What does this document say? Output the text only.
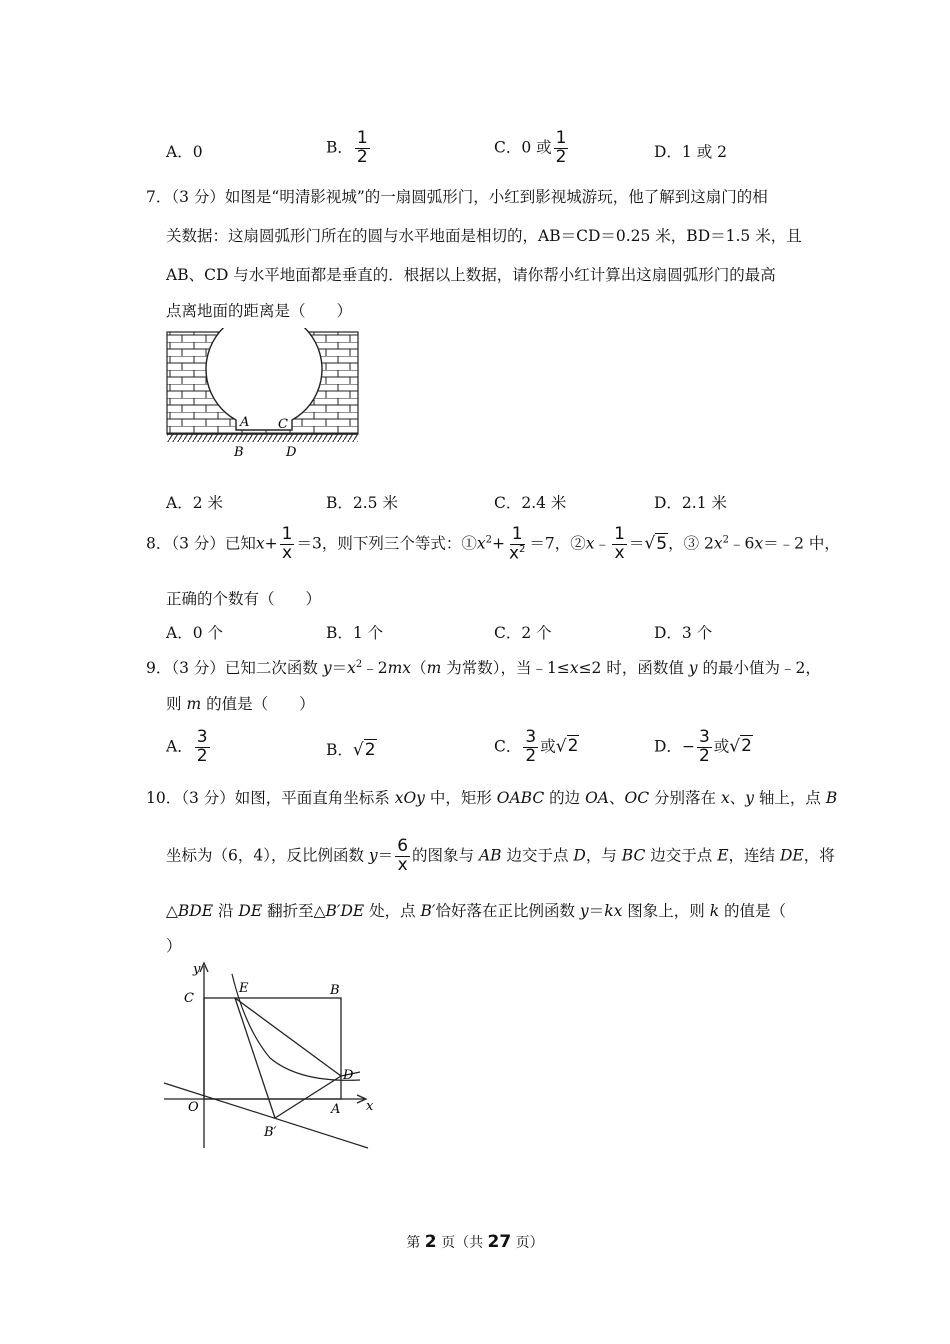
A．0	B． $\frac{1}{2}$	C．0 或 $\frac{1}{2}$	D．1 或 2
7．（3 分）如图是“明清影视城”的一扇圆弧形门，小红到影视城游玩，他了解到这扇门的相
关数据：这扇圆弧形门所在的圆与水平地面是相切的，AB＝CD＝0.25 米，BD＝1.5 米，且
AB、CD 与水平地面都是垂直的．根据以上数据，请你帮小红计算出这扇圆弧形门的最高
点离地面的距离是（　　）
A C
B	D
A．2 米	B．2.5 米	C．2.4 米	D．2.1 米
8．（3 分）已知$x+ \frac{1}{x} =3$，则下列三个等式：$①x^2+ \frac{1}{x^2} =7$，②x﹣ $\frac{1}{x} =√5$，③ $2x^2﹣6x=﹣2$ 中，
正确的个数有（　　）
A．0 个	B．1 个	C．2 个	D．3 个
9．（3 分）已知二次函数 $y=x^2﹣2mx(m$ 为常数），当﹣1≤x≤2 时，函数值 y 的最小值为﹣2，
则 m 的值是（　　）
A． $\frac{3}{2}$	B．√2	C． $\frac{3}{2}$ 或√2	D．− $\frac{3}{2}$ 或√2
10．（3 分）如图，平面直角坐标系 xOy 中，矩形 OABC 的边 OA、OC 分别落在 x、y 轴上，点 B
坐标为（6，4），反比例函数 $y= \frac{6}{x}$ 的图象与 AB 边交于点 D，与 BC 边交于点 E，连结 DE，将
△BDE 沿 DE 翻折至△B′DE 处，点 B′恰好落在正比例函数 y＝kx 图象上，则 k 的值是（
）
y
C
E	B
D
O	A x
B′
第 2 页（共 27 页）
